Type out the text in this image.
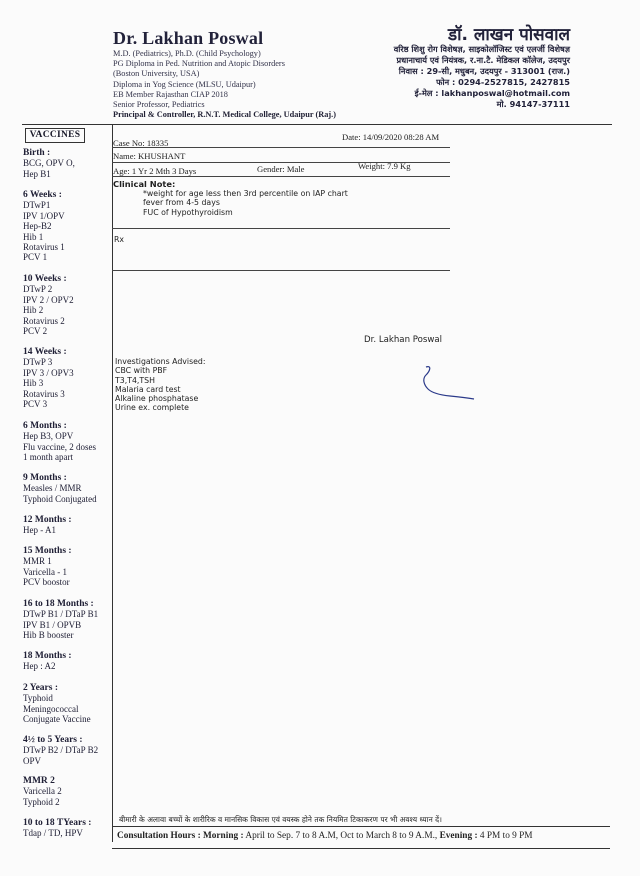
Dr. Lakhan Poswal
M.D. (Pediatrics), Ph.D. (Child Psychology)
PG Diploma in Ped. Nutrition and Atopic Disorders
(Boston University, USA)
Diploma in Yog Science (MLSU, Udaipur)
EB Member Rajasthan CIAP 2018
Senior Professor, Pediatrics
Principal & Controller, R.N.T. Medical College, Udaipur (Raj.)
डॉ. लाखन पोसवाल
वरिष्ठ शिशु रोग विशेषज्ञ, साइकोलॉजिस्ट एवं एलर्जी विशेषज्ञ
प्रधानाचार्य एवं नियंत्रक, र.ना.टै. मेडिकल कॉलेज, उदयपुर
निवास : 29-सी, मधुबन, उदयपुर - 313001 (राज.)
फोन : 0294-2527815, 2427815
ई-मेल : lakhanposwal@hotmail.com
मो. 94147-37111
VACCINES
Birth :
BCG, OPV O,
Hep B1
6 Weeks :
DTwP1
IPV 1/OPV
Hep-B2
Hib 1
Rotavirus 1
PCV 1
10 Weeks :
DTwP 2
IPV 2 / OPV2
Hib 2
Rotavirus 2
PCV 2
14 Weeks :
DTwP 3
IPV 3 / OPV3
Hib 3
Rotavirus 3
PCV 3
6 Months :
Hep B3, OPV
Flu vaccine, 2 doses
1 month apart
9 Months :
Measles / MMR
Typhoid Conjugated
12 Months :
Hep - A1
15 Months :
MMR 1
Varicella - 1
PCV boostor
16 to 18 Months :
DTwP B1 / DTaP B1
IPV B1 / OPVB
Hib B booster
18 Months :
Hep : A2
2 Years :
Typhoid
Meningococcal
Conjugate Vaccine
4½ to 5 Years :
DTwP B2 / DTaP B2
OPV
MMR 2
Varicella 2
Typhoid 2
10 to 18 TYears :
Tdap / TD, HPV
Case No: 18335
Date: 14/09/2020 08:28 AM
Name: KHUSHANT
Age: 1 Yr 2 Mth 3 Days	Gender: Male	Weight: 7.9 Kg
Clinical Note:
*weight for age less then 3rd percentile on IAP chart
fever from 4-5 days
FUC of Hypothyroidism
Rx
Dr. Lakhan Poswal
Investigations Advised:
CBC with PBF
T3,T4,TSH
Malaria card test
Alkaline phosphatase
Urine ex. complete
बीमारी के अलावा बच्चों के शारीरिक व मानसिक विकास एवं वयस्क होने तक नियमित टिकाकरण पर भी अवश्य ध्यान दें।
Consultation Hours : Morning : April to Sep. 7 to 8 A.M, Oct to March 8 to 9 A.M., Evening : 4 PM to 9 PM
